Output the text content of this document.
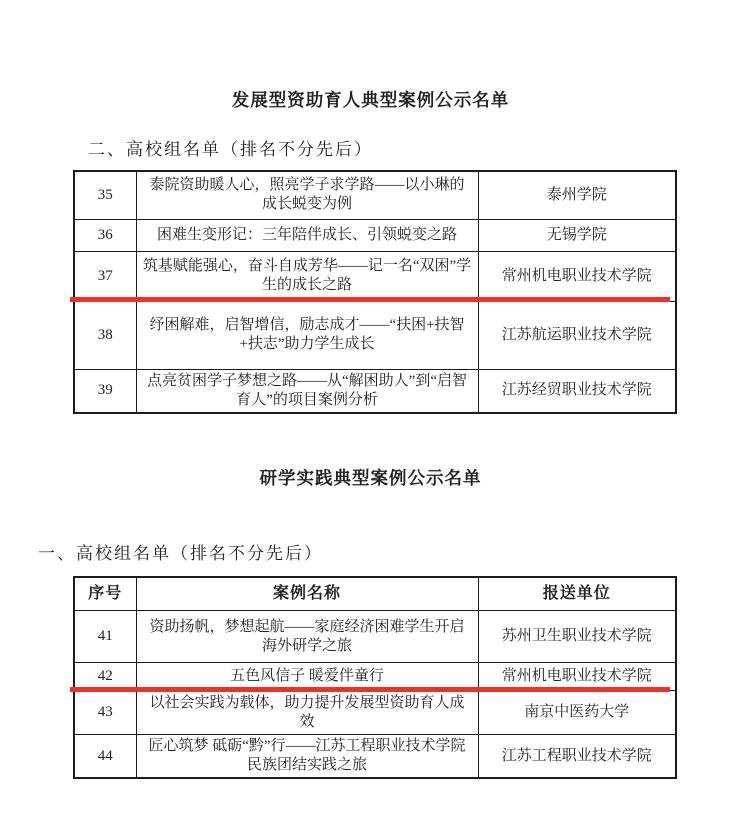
发展型资助育人典型案例公示名单
二、高校组名单（排名不分先后）
35	泰院资助暖人心，照亮学子求学路——以小琳的成长蜕变为例	泰州学院
36	困难生变形记：三年陪伴成长、引领蜕变之路	无锡学院
37	筑基赋能强心，奋斗自成芳华——记一名“双困”学生的成长之路	常州机电职业技术学院
38	纾困解难，启智增信，励志成才——“扶困+扶智+扶志”助力学生成长	江苏航运职业技术学院
39	点亮贫困学子梦想之路——从“解困助人”到“启智育人”的项目案例分析	江苏经贸职业技术学院
研学实践典型案例公示名单
一、高校组名单（排名不分先后）
序号	案例名称	报送单位
41	资助扬帆，梦想起航——家庭经济困难学生开启海外研学之旅	苏州卫生职业技术学院
42	五色风信子 暖爱伴童行	常州机电职业技术学院
43	以社会实践为载体，助力提升发展型资助育人成效	南京中医药大学
44	匠心筑梦 砥砺“黔”行——江苏工程职业技术学院民族团结实践之旅	江苏工程职业技术学院
